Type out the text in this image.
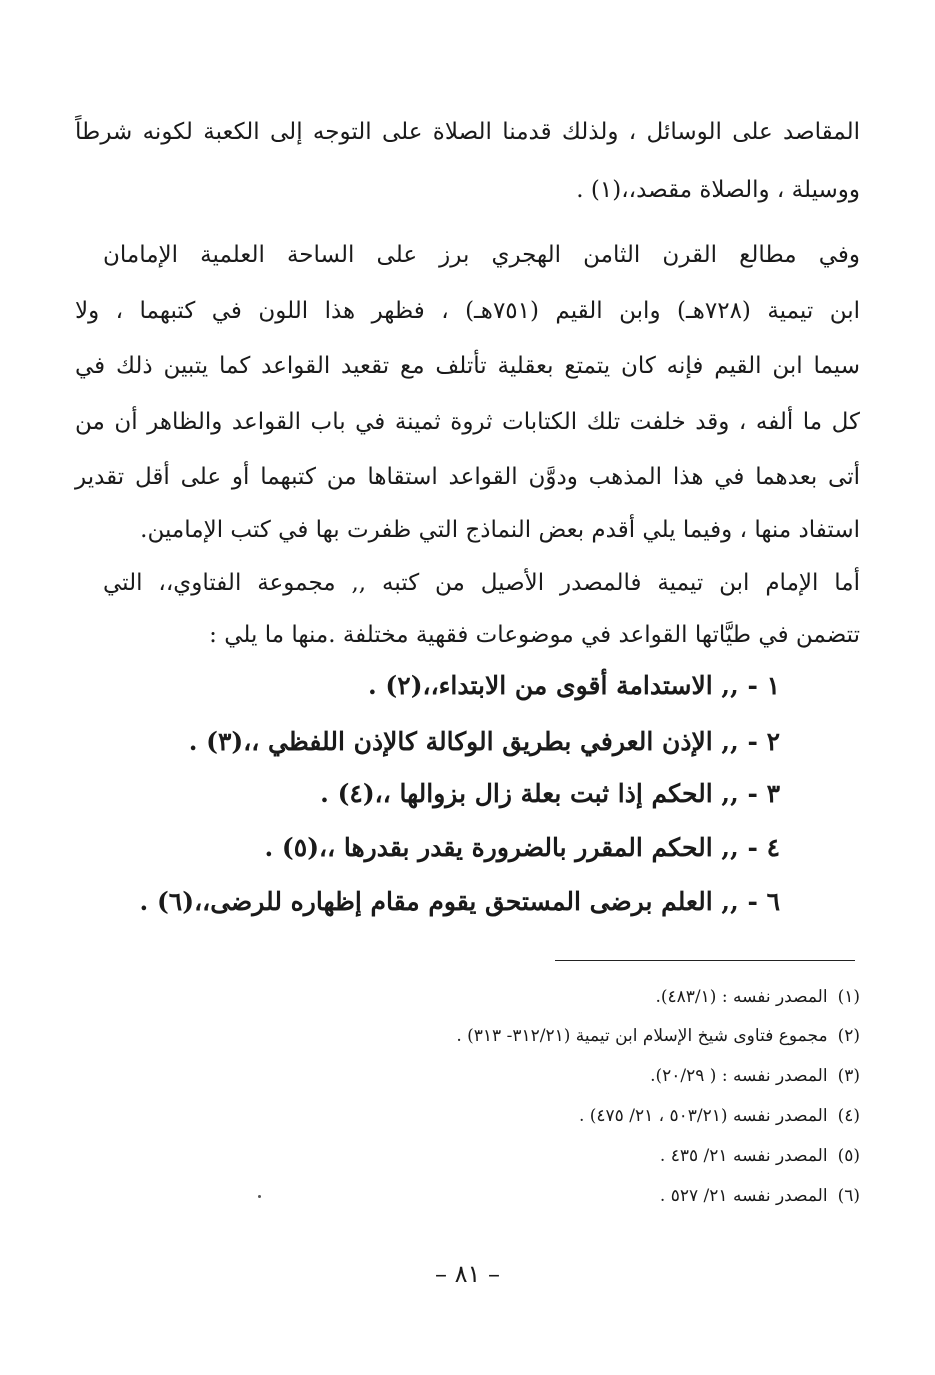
المقاصد على الوسائل ، ولذلك قدمنا الصلاة على التوجه إلى الكعبة لكونه شرطاً
ووسيلة ، والصلاة مقصد،،(١) .
وفي مطالع القرن الثامن الهجري برز على الساحة العلمية الإمامان
ابن تيمية (٧٢٨هـ) وابن القيم (٧٥١هـ) ، فظهر هذا اللون في كتبهما ، ولا
سيما ابن القيم فإنه كان يتمتع بعقلية تأتلف مع تقعيد القواعد كما يتبين ذلك في
كل ما ألفه ، وقد خلفت تلك الكتابات ثروة ثمينة في باب القواعد والظاهر أن من
أتى بعدهما في هذا المذهب ودوَّن القواعد استقاها من كتبهما أو على أقل تقدير
استفاد منها ، وفيما يلي أقدم بعض النماذج التي ظفرت بها في كتب الإمامين.
أما الإمام ابن تيمية فالمصدر الأصيل من كتبه ,, مجموعة الفتاوي،، التي
تتضمن في طيَّاتها القواعد في موضوعات فقهية مختلفة .منها ما يلي :
١ - ,, الاستدامة أقوى من الابتداء،،(٢) .
٢ - ,, الإذن العرفي بطريق الوكالة كالإذن اللفظي ،،(٣) .
٣ - ,, الحكم إذا ثبت بعلة زال بزوالها ،،(٤) .
٤ - ,, الحكم المقرر بالضرورة يقدر بقدرها ،،(٥) .
٦ - ,, العلم برضى المستحق يقوم مقام إظهاره للرضى،،(٦) .
(١)المصدر نفسه : (٤٨٣/١).
(٢)مجموع فتاوى شيخ الإسلام ابن تيمية (٣١٢/٢١- ٣١٣) .
(٣)المصدر نفسه : ( ٢٠/٢٩).
(٤)المصدر نفسه (٥٠٣/٢١ ، ٢١/ ٤٧٥) .
(٥)المصدر نفسه ٢١/ ٤٣٥ .
(٦)المصدر نفسه ٢١/ ٥٢٧ .
– ٨١ –
